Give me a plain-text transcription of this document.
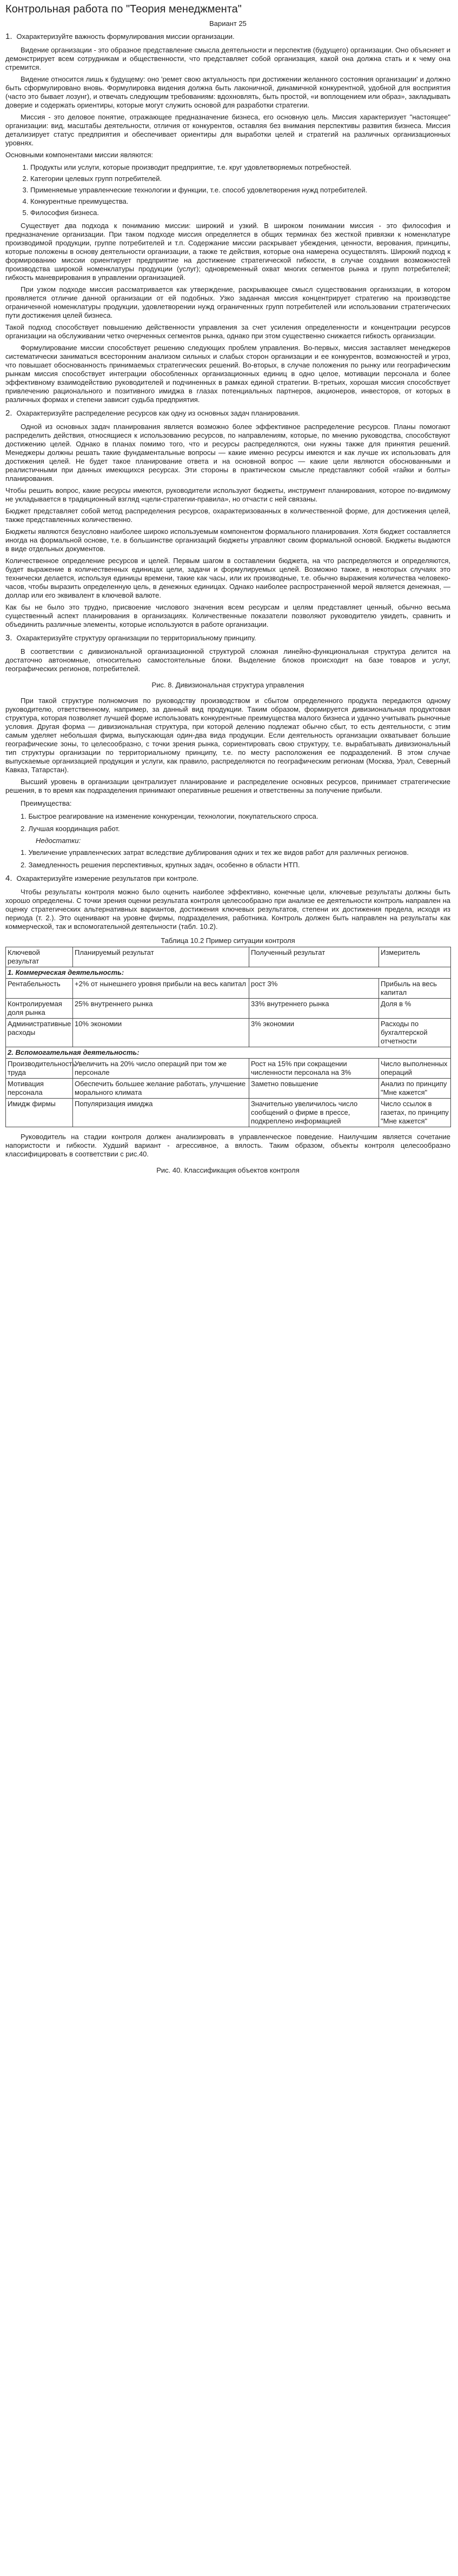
Контрольная работа по "Теория менеджмента"
Вариант 25
1. Охарактеризуйте важность формулирования миссии организации.

Видение организации - это образное представление смысла деятельности и перспектив (будущего) организации. Оно объясняет и демонстрирует всем сотрудникам и общественности, что представляет собой организация, какой она должна стать и к чему она стремится.

Видение относится лишь к будущему: оно 'ремет свою актуальность при достижении желанного состояния организации' и должно быть сформулировано вновь. Формулировка видения должна быть лаконичной, динамичной конкурентной, удобной для восприятия (часто это бывает лозунг), и отвечать следующим требованиям: вдохновлять, быть простой, «и воплощением или образ», закладывать доверие и содержать ориентиры, которые могут служить основой для разработки стратегии.

Миссия - это деловое понятие, отражающее предназначение бизнеса, его основную цель. Миссия характеризует "настоящее" организации: вид, масштабы деятельности, отличия от конкурентов, оставляя без внимания перспективы развития бизнеса. Миссия детализирует статус предприятия и обеспечивает ориентиры для выработки целей и стратегий на различных организационных уровнях.

Основными компонентами миссии являются:

1. Продукты или услуги, которые производит предприятие, т.е. круг удовлетворяемых потребностей.
2. Категории целевых групп потребителей.
3. Применяемые управленческие технологии и функции, т.е. способ удовлетворения нужд потребителей.
4. Конкурентные преимущества.
5. Философия бизнеса.

Существует два подхода к пониманию миссии: широкий и узкий. В широком понимании миссия - это философия и предназначение организации. При таком подходе миссия определяется в общих терминах без жесткой привязки к номенклатуре производимой продукции, группе потребителей и т.п. Содержание миссии раскрывает убеждения, ценности, верования, принципы, которые положены в основу деятельности организации, а также те действия, которые она намерена осуществлять. Широкий подход к формированию миссии ориентирует предприятие на достижение стратегической гибкости, в случае создания возможностей производства широкой номенклатуры продукции (услуг); одновременный охват многих сегментов рынка и групп потребителей; гибкость маневрирования в управлении организацией.

При узком подходе миссия рассматривается как утверждение, раскрывающее смысл существования организации, в котором проявляется отличие данной организации от ей подобных. Узко заданная миссия концентрирует стратегию на производстве ограниченной номенклатуры продукции, удовлетворении нужд ограниченных групп потребителей или использовании стратегических пути достижения целей бизнеса.

Такой подход способствует повышению действенности управления за счет усиления определенности и концентрации ресурсов организации на обслуживании четко очерченных сегментов рынка, однако при этом существенно снижается гибкость организации.

Формулирование миссии способствует решению следующих проблем управления. Во-первых, миссия заставляет менеджеров систематически заниматься всесторонним анализом сильных и слабых сторон организации и ее конкурентов, возможностей и угроз, что повышает обоснованность принимаемых стратегических решений. Во-вторых, в случае положения по рынку или географическим рынкам миссия способствует интеграции обособленных организационных единиц в одно целое, мотивации персонала и более эффективному взаимодействию руководителей и подчиненных в рамках единой стратегии. В-третьих, хорошая миссия способствует привлечению рационального и позитивного имиджа в глазах потенциальных партнеров, акционеров, инвесторов, от которых в различных формах и степени зависит судьба предприятия.

2. Охарактеризуйте распределение ресурсов как одну из основных задач планирования.

Одной из основных задач планирования является возможно более эффективное распределение ресурсов. Планы помогают распределить действия, относящиеся к использованию ресурсов, по направлениям, которые, по мнению руководства, способствуют достижению целей. Однако в планах помимо того, что и ресурсы распределяются, они нужны также для принятия решений. Менеджеры должны решать такие фундаментальные вопросы — какие именно ресурсы имеются и как лучше их использовать для достижения целей. Не будет такое планирование ответа и на основной вопрос — какие цели являются обоснованными и реалистичными при данных имеющихся ресурсах. Эти стороны в практическом смысле представляют собой «гайки и болты» планирования.

Чтобы решить вопрос, какие ресурсы имеются, руководители используют бюджеты, инструмент планирования, которое по-видимому не укладывается в традиционный взгляд «цели-стратегии-правила», но отчасти с ней связаны.

Бюджет представляет собой метод распределения ресурсов, охарактеризованных в количественной форме, для достижения целей, также представленных количественно.

Бюджеты являются безусловно наиболее широко используемым компонентом формального планирования. Хотя бюджет составляется иногда на формальной основе, т.е. в большинстве организаций бюджеты управляют своим формальной основой. Бюджеты выдаются в виде отдельных документов.

Количественное определение ресурсов и целей. Первым шагом в составлении бюджета, на что распределяются и определяются, будет выражение в количественных единицах цели, задачи и формулируемых целей. Возможно также, в некоторых случаях это технически делается, используя единицы времени, такие как часы, или их производные, т.е. обычно выражения количества человеко-часов, чтобы выразить определенную цель, в денежных единицах. Однако наиболее распространенной мерой является денежная, — доллар или его эквивалент в ключевой валюте.

Как бы не было это трудно, присвоение числового значения всем ресурсам и целям представляет ценный, обычно весьма существенный аспект планирования в организациях. Количественные показатели позволяют руководителю увидеть, сравнить и объединить различные элементы, которые используются в работе организации.

3. Охарактеризуйте структуру организации по территориальному принципу.

В соответствии с дивизиональной организационной структурой сложная линейно-функциональная структура делится на достаточно автономные, относительно самостоятельные блоки. Выделение блоков происходит на базе товаров и услуг, географических регионов, потребителей.

Рис. 8. Дивизиональная структура управления

При такой структуре полномочия по руководству производством и сбытом определенного продукта передаются одному руководителю, ответственному, например, за данный вид продукции. Таким образом, формируется дивизиональная продуктовая структура, которая позволяет лучшей форме использовать конкурентные преимущества малого бизнеса и удачно учитывать рыночные условия. Другая форма — дивизиональная структура, при которой делению подлежат обычно сбыт, то есть деятельности, с этим самым уделяет небольшая фирма, выпускающая один-два вида продукции. Если деятельность организации охватывает большие географические зоны, то целесообразно, с точки зрения рынка, сориентировать свою структуру, т.е. вырабатывать дивизиональный тип структуры организации по территориальному принципу, т.е. по месту расположения ее подразделений. В этом случае выпускаемые организацией продукция и услуги, как правило, распределяются по географическим регионам (Москва, Урал, Северный Кавказ, Татарстан).

Высший уровень в организации централизует планирование и распределение основных ресурсов, принимает стратегические решения, в то время как подразделения принимают оперативные решения и ответственны за получение прибыли.

Преимущества:
1. Быстрое реагирование на изменение конкуренции, технологии, покупательского спроса.
2. Лучшая координация работ.
Недостатки:
1. Увеличение управленческих затрат вследствие дублирования одних и тех же видов работ для различных регионов.
2. Замедленность решения перспективных, крупных задач, особенно в области НТП.
4. Охарактеризуйте измерение результатов при контроле.

Чтобы результаты контроля можно было оценить наиболее эффективно, конечные цели, ключевые результаты должны быть хорошо определены. С точки зрения оценки результата контроля целесообразно при анализе ее деятельности контроль направлен на оценку стратегических альтернативных вариантов, достижения ключевых результатов, степени их достижения предела, исходя из периода (т. 2.). Это оценивают на уровне фирмы, подразделения, работника. Контроль должен быть направлен на результаты как коммерческой, так и вспомогательной деятельности (табл. 10.2).

Таблица 10.2 Пример ситуации контроля
Ключевой результат	Планируемый результат	Полученный результат	Измеритель
1. Коммерческая деятельность:			
Рентабельность	+2% от нынешнего уровня прибыли на весь капитал	рост 3%	Прибыль на весь капитал
Контролируемая доля рынка	25% внутреннего рынка	33% внутреннего рынка	Доля в %
Административные расходы	10% экономии	3% экономии	Расходы по бухгалтерской отчетности
2. Вспомогательная деятельность:			
Производительность труда	Увеличить на 20% число операций при том же персонале	Рост на 15% при сокращении численности персонала на 3%	Число выполненных операций
Мотивация персонала	Обеспечить большее желание работать, улучшение морального климата	Заметно повышение	Анализ по принципу "Мне кажется"
Имидж фирмы	Популяризация имиджа	Значительно увеличилось число сообщений о фирме в прессе, подкреплено информацией	Число ссылок в газетах, по принципу "Мне кажется"

Руководитель на стадии контроля должен анализировать в управленческое поведение. Наилучшим является сочетание напористости и гибкости. Худший вариант - агрессивное, а вялость. Таким образом, объекты контроля целесообразно классифицировать в соответствии с рис.40.

Рис. 40. Классификация объектов контроля
